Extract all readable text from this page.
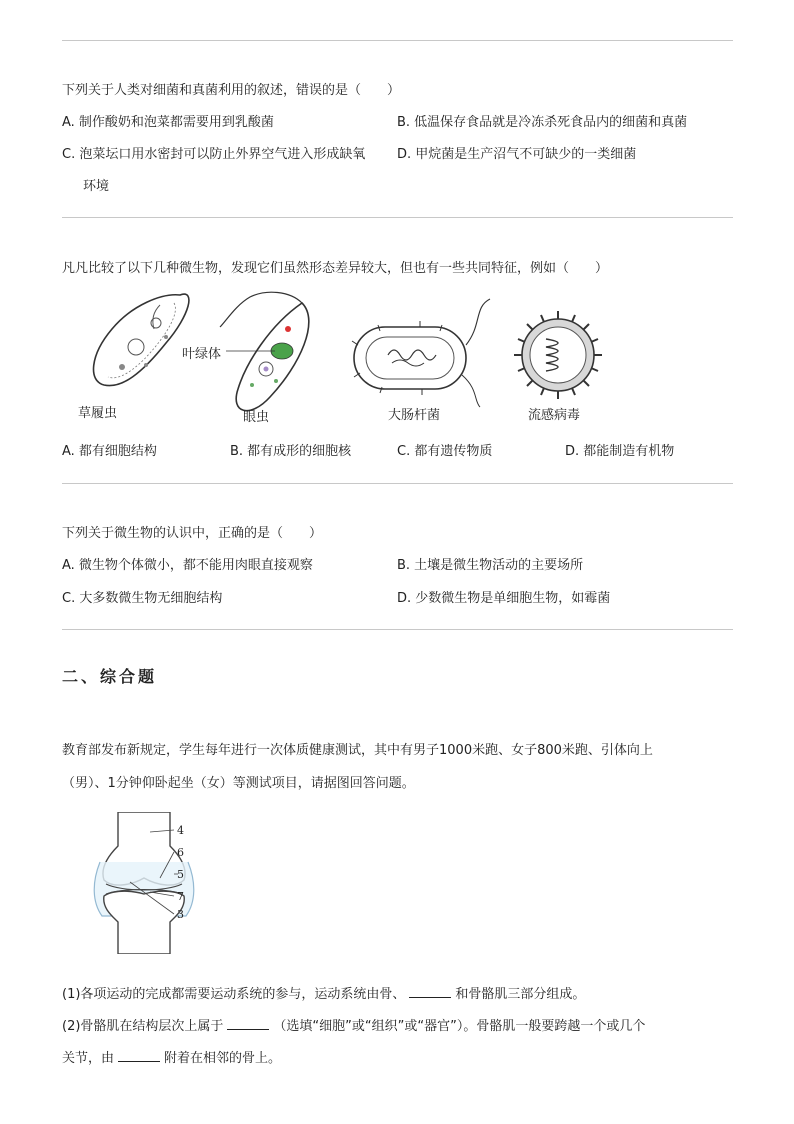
下列关于人类对细菌和真菌利用的叙述，错误的是（　　）
A. 制作酸奶和泡菜都需要用到乳酸菌	B. 低温保存食品就是冷冻杀死食品内的细菌和真菌
C. 泡菜坛口用水密封可以防止外界空气进入形成缺氧 D. 甲烷菌是生产沼气不可缺少的一类细菌
环境
凡凡比较了以下几种微生物，发现它们虽然形态差异较大，但也有一些共同特征，例如（　　）
叶绿体
草履虫	眼虫	大肠杆菌	流感病毒
A. 都有细胞结构	B. 都有成形的细胞核	C. 都有遗传物质	D. 都能制造有机物
下列关于微生物的认识中，正确的是（　　）
A. 微生物个体微小，都不能用肉眼直接观察	B. 土壤是微生物活动的主要场所
C. 大多数微生物无细胞结构	D. 少数微生物是单细胞生物，如霉菌
二、综合题
教育部发布新规定，学生每年进行一次体质健康测试，其中有男子1000米跑、女子800米跑、引体向上
（男）、1分钟仰卧起坐（女）等测试项目，请据图回答问题。
4
6
5
7
3
(1)各项运动的完成都需要运动系统的参与，运动系统由骨、	和骨骼肌三部分组成。
(2)骨骼肌在结构层次上属于	（选填“细胞”或“组织”或“器官”）。骨骼肌一般要跨越一个或几个
关节，由	附着在相邻的骨上。
